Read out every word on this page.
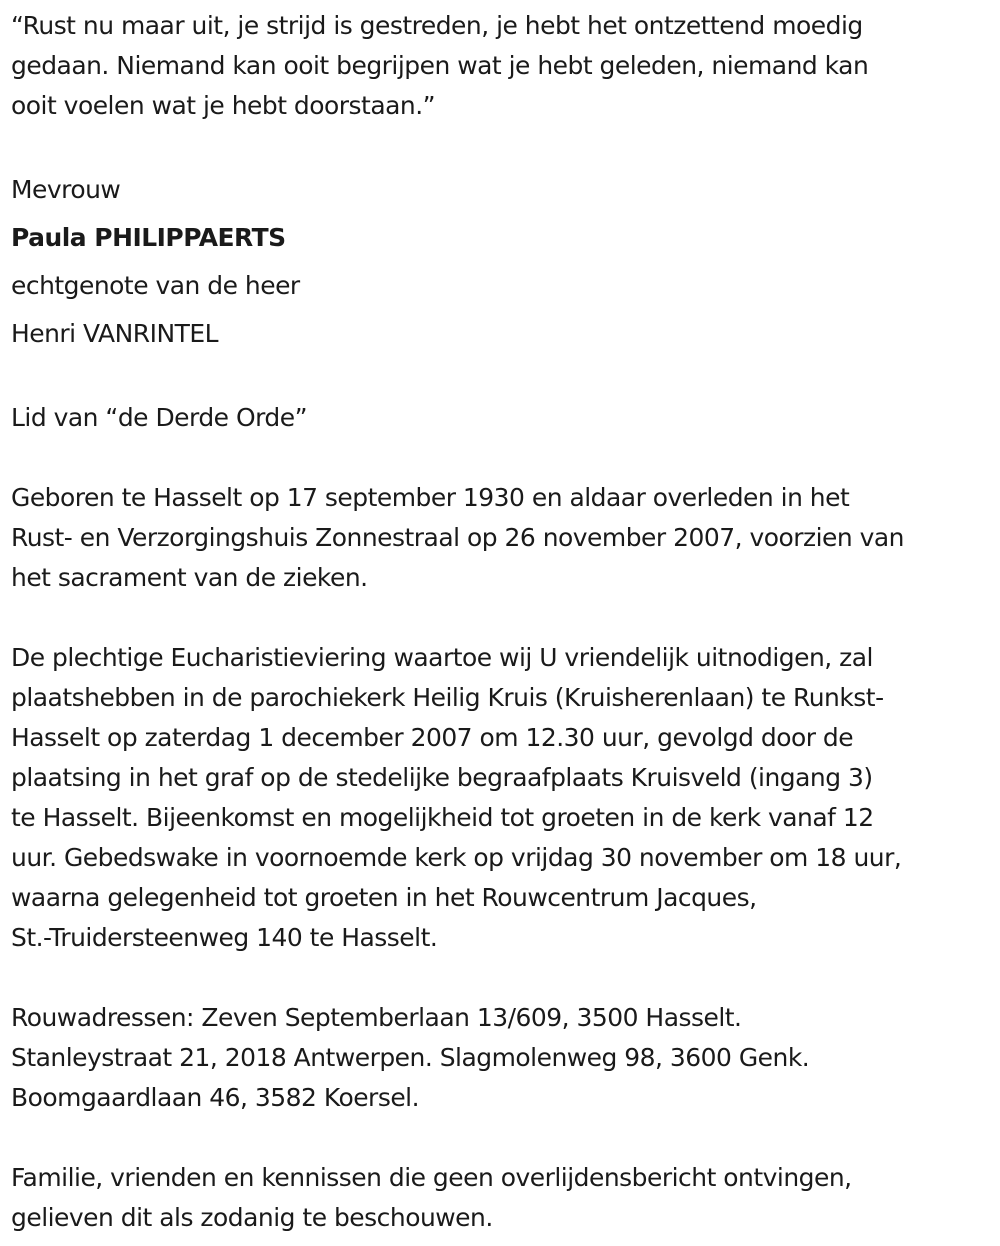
“Rust nu maar uit, je strijd is gestreden, je hebt het ontzettend moedig
gedaan. Niemand kan ooit begrijpen wat je hebt geleden, niemand kan
ooit voelen wat je hebt doorstaan.”
Mevrouw
Paula PHILIPPAERTS
echtgenote van de heer
Henri VANRINTEL
Lid van “de Derde Orde”
Geboren te Hasselt op 17 september 1930 en aldaar overleden in het
Rust- en Verzorgingshuis Zonnestraal op 26 november 2007, voorzien van
het sacrament van de zieken.
De plechtige Eucharistieviering waartoe wij U vriendelijk uitnodigen, zal
plaatshebben in de parochiekerk Heilig Kruis (Kruisherenlaan) te Runkst-
Hasselt op zaterdag 1 december 2007 om 12.30 uur, gevolgd door de
plaatsing in het graf op de stedelijke begraafplaats Kruisveld (ingang 3)
te Hasselt. Bijeenkomst en mogelijkheid tot groeten in de kerk vanaf 12
uur. Gebedswake in voornoemde kerk op vrijdag 30 november om 18 uur,
waarna gelegenheid tot groeten in het Rouwcentrum Jacques,
St.-Truidersteenweg 140 te Hasselt.
Rouwadressen: Zeven Septemberlaan 13/609, 3500 Hasselt.
Stanleystraat 21, 2018 Antwerpen. Slagmolenweg 98, 3600 Genk.
Boomgaardlaan 46, 3582 Koersel.
Familie, vrienden en kennissen die geen overlijdensbericht ontvingen,
gelieven dit als zodanig te beschouwen.
